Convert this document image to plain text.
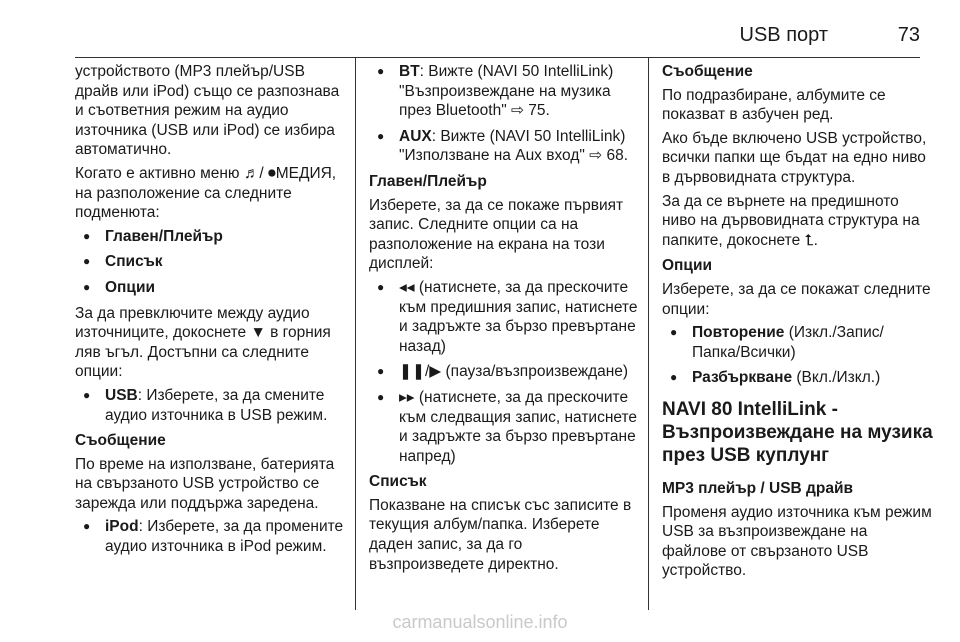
USB порт	73

устройството (MP3 плейър/USB драйв или iPod) също се разпознава и съответния режим на аудио източника (USB или iPod) се избира автоматично.

Когато е активно меню ♬/ ⏺МЕДИЯ, на разположение са следните подменюта:

● Главен/Плейър
● Списък
● Опции

За да превключите между аудио източниците, докоснете ▼ в горния ляв ъгъл. Достъпни са следните опции:

● USB: Изберете, за да смените аудио източника в USB режим.

Съобщение

По време на използване, батерията на свързаното USB устройство се зарежда или поддържа заредена.

● iPod: Изберете, за да промените аудио източника в iPod режим.
● BT: Вижте (NAVI 50 IntelliLink) "Възпроизвеждане на музика през Bluetooth" ⇨ 75.
● AUX: Вижте (NAVI 50 IntelliLink) "Използване на Aux вход" ⇨ 68.

Главен/Плейър

Изберете, за да се покаже първият запис. Следните опции са на разположение на екрана на този дисплей:

● ◂◂ (натиснете, за да прескочите към предишния запис, натиснете и задръжте за бързо превъртане назад)
● ❚❚/▶ (пауза/възпроизвеждане)
● ▸▸ (натиснете, за да прескочите към следващия запис, натиснете и задръжте за бързо превъртане напред)

Списък

Показване на списък със записите в текущия албум/папка. Изберете даден запис, за да го възпроизведете директно.

Съобщение

По подразбиране, албумите се показват в азбучен ред.

Ако бъде включено USB устройство, всички папки ще бъдат на едно ниво в дървовидната структура.

За да се върнете на предишното ниво на дървовидната структура на папките, докоснете ⮤.

Опции

Изберете, за да се покажат следните опции:

● Повторение (Изкл./Запис/ Папка/Всички)
● Разбъркване (Вкл./Изкл.)

NAVI 80 IntelliLink - Възпроизвеждане на музика през USB куплунг

MP3 плейър / USB драйв

Променя аудио източника към режим USB за възпроизвеждане на файлове от свързаното USB устройство.

carmanualsonline.info
